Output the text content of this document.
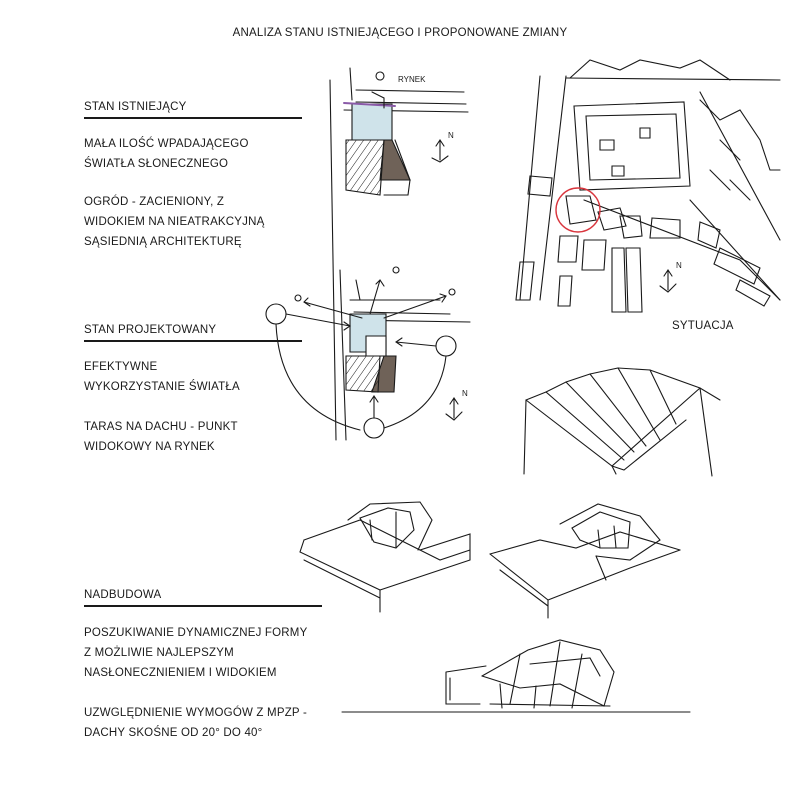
ANALIZA STANU ISTNIEJĄCEGO I PROPONOWANE ZMIANY
STAN ISTNIEJĄCY
MAŁA ILOŚĆ WPADAJĄCEGO
ŚWIATŁA SŁONECZNEGO
OGRÓD - ZACIENIONY, Z
WIDOKIEM NA NIEATRAKCYJNĄ
SĄSIEDNIĄ ARCHITEKTURĘ
STAN PROJEKTOWANY
EFEKTYWNE
WYKORZYSTANIE ŚWIATŁA
TARAS NA DACHU - PUNKT
WIDOKOWY NA RYNEK
NADBUDOWA
POSZUKIWANIE DYNAMICZNEJ FORMY
Z MOŻLIWIE NAJLEPSZYM
NASŁONECZNIENIEM I WIDOKIEM
UZWGLĘDNIENIE WYMOGÓW Z MPZP -
DACHY SKOŚNE OD 20° DO 40°
SYTUACJA
RYNEK
N
N
N
